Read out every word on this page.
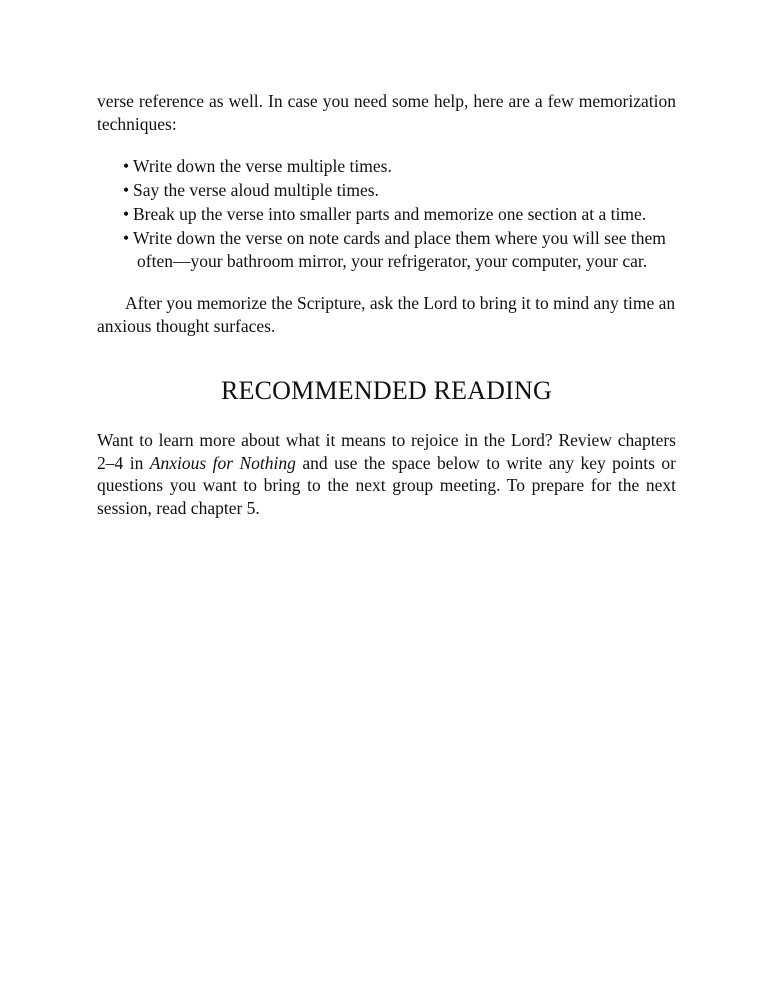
verse reference as well. In case you need some help, here are a few memorization techniques:

• Write down the verse multiple times.
• Say the verse aloud multiple times.
• Break up the verse into smaller parts and memorize one section at a time.
• Write down the verse on note cards and place them where you will see them often—your bathroom mirror, your refrigerator, your computer, your car.

After you memorize the Scripture, ask the Lord to bring it to mind any time an anxious thought surfaces.

RECOMMENDED READING

Want to learn more about what it means to rejoice in the Lord? Review chapters 2–4 in Anxious for Nothing and use the space below to write any key points or questions you want to bring to the next group meeting. To prepare for the next session, read chapter 5.
